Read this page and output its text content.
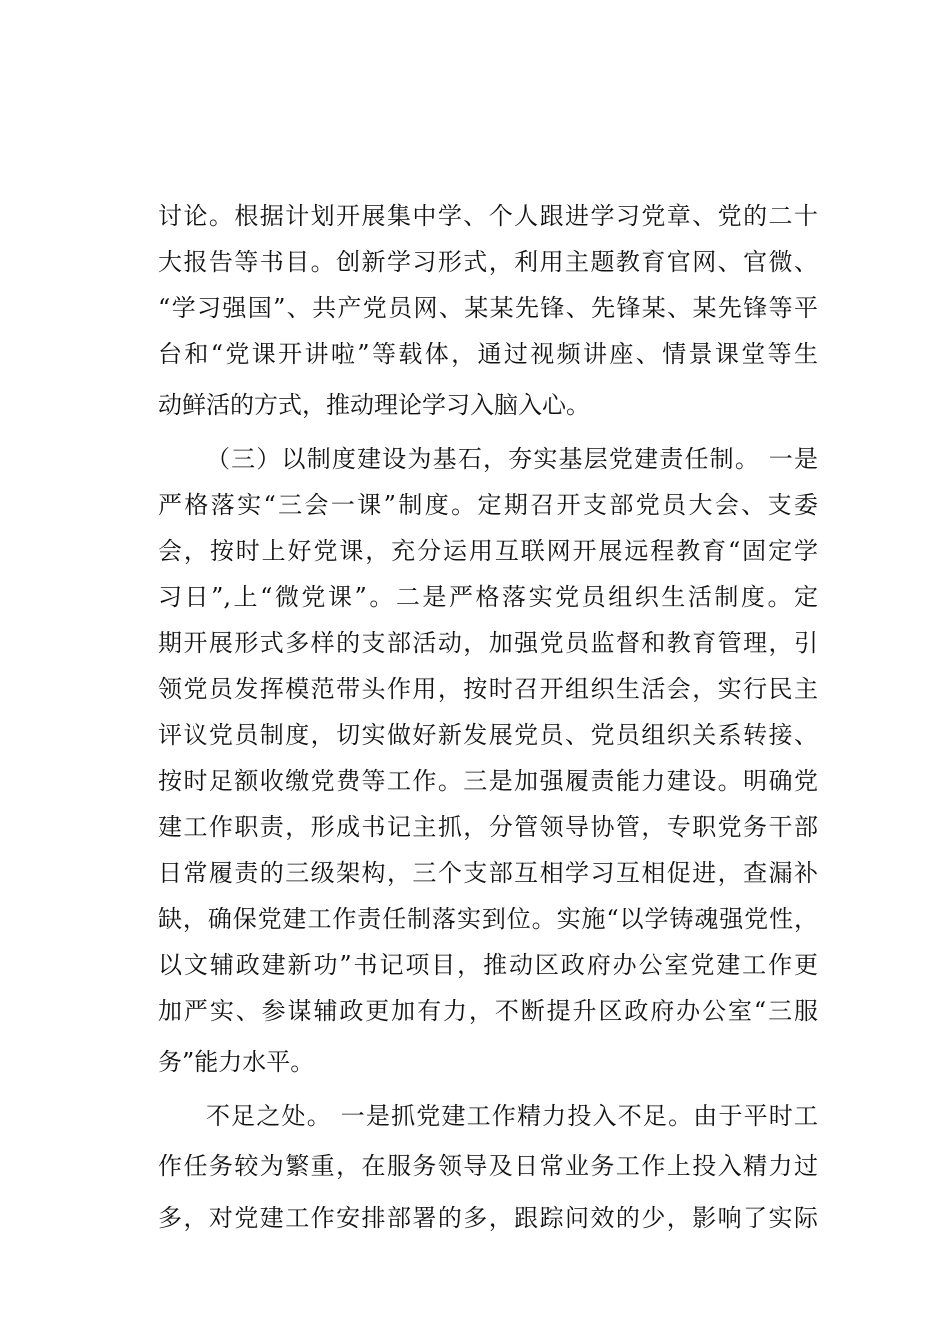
讨论。根据计划开展集中学、个人跟进学习党章、党的二十
大报告等书目。创新学习形式，利用主题教育官网、官微、
“学习强国”、共产党员网、某某先锋、先锋某、某先锋等平
台和“党课开讲啦”等载体，通过视频讲座、情景课堂等生
动鲜活的方式，推动理论学习入脑入心。
（三）以制度建设为基石，夯实基层党建责任制。 一是
严格落实“三会一课”制度。定期召开支部党员大会、支委
会，按时上好党课，充分运用互联网开展远程教育“固定学
习日”,上“微党课”。二是严格落实党员组织生活制度。定
期开展形式多样的支部活动，加强党员监督和教育管理，引
领党员发挥模范带头作用，按时召开组织生活会，实行民主
评议党员制度，切实做好新发展党员、党员组织关系转接、
按时足额收缴党费等工作。三是加强履责能力建设。明确党
建工作职责，形成书记主抓，分管领导协管，专职党务干部
日常履责的三级架构，三个支部互相学习互相促进，查漏补
缺，确保党建工作责任制落实到位。实施“以学铸魂强党性，
以文辅政建新功”书记项目，推动区政府办公室党建工作更
加严实、参谋辅政更加有力，不断提升区政府办公室“三服
务”能力水平。
不足之处。 一是抓党建工作精力投入不足。由于平时工
作任务较为繁重，在服务领导及日常业务工作上投入精力过
多，对党建工作安排部署的多，跟踪问效的少，影响了实际
